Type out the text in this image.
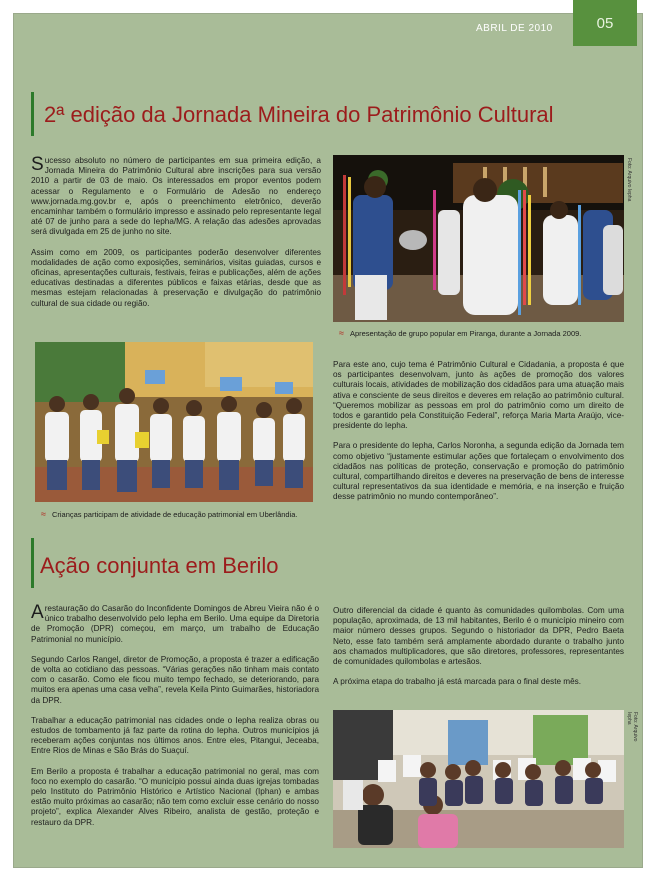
ABRIL DE 2010	05
2ª edição da Jornada Mineira do Patrimônio Cultural

Sucesso absoluto no número de participantes em sua primeira edição, a Jornada Mineira do Patrimônio Cultural abre inscrições para sua versão 2010 a partir de 03 de maio. Os interessados em propor eventos podem acessar o Regulamento e o Formulário de Adesão no endereço www.jornada.mg.gov.br e, após o preenchimento eletrônico, deverão encaminhar também o formulário impresso e assinado pelo representante legal até 07 de junho para a sede do Iepha/MG. A relação das adesões aprovadas será divulgada em 25 de junho no site.

Assim como em 2009, os participantes poderão desenvolver diferentes modalidades de ação como exposições, seminários, visitas guiadas, cursos e oficinas, apresentações culturais, festivais, feiras e publicações, além de ações educativas destinadas a diferentes públicos e faixas etárias, desde que as mesmas estejam relacionadas à preservação e divulgação do patrimônio cultural de sua cidade ou região.

Foto: Arquivo Iepha
≈ Apresentação de grupo popular em Piranga, durante a Jornada 2009.
≈ Crianças participam de atividade de educação patrimonial em Uberlândia.

Para este ano, cujo tema é Patrimônio Cultural e Cidadania, a proposta é que os participantes desenvolvam, junto às ações de promoção dos valores culturais locais, atividades de mobilização dos cidadãos para uma atuação mais ativa e consciente de seus direitos e deveres em relação ao patrimônio cultural. “Queremos mobilizar as pessoas em prol do patrimônio como um direito de todos e garantido pela Constituição Federal”, reforça Maria Marta Araújo, vice-presidente do Iepha.

Para o presidente do Iepha, Carlos Noronha, a segunda edição da Jornada tem como objetivo “justamente estimular ações que fortaleçam o envolvimento dos cidadãos nas políticas de proteção, conservação e promoção do patrimônio cultural, compartilhando direitos e deveres na preservação de bens de interesse cultural representativos da sua identidade e memória, e na inserção e fruição desse patrimônio no mundo contemporâneo”.

Ação conjunta em Berilo

A restauração do Casarão do Inconfidente Domingos de Abreu Vieira não é o único trabalho desenvolvido pelo Iepha em Berilo. Uma equipe da Diretoria de Promoção (DPR) começou, em março, um trabalho de Educação Patrimonial no município.

Segundo Carlos Rangel, diretor de Promoção, a proposta é trazer a edificação de volta ao cotidiano das pessoas. “Várias gerações não tinham mais contato com o casarão. Como ele ficou muito tempo fechado, se deteriorando, para muitos era apenas uma casa velha”, revela Keila Pinto Guimarães, historiadora da DPR.

Trabalhar a educação patrimonial nas cidades onde o Iepha realiza obras ou estudos de tombamento já faz parte da rotina do Iepha. Outros municípios já receberam ações conjuntas nos últimos anos. Entre eles, Pitangui, Jeceaba, Entre Rios de Minas e São Brás do Suaçuí.

Em Berilo a proposta é trabalhar a educação patrimonial no geral, mas com foco no exemplo do casarão. “O município possui ainda duas igrejas tombadas pelo Instituto do Patrimônio Histórico e Artístico Nacional (Iphan) e ambas estão muito próximas ao casarão; não tem como excluir esse cenário do nosso projeto”, explica Alexander Alves Ribeiro, analista de gestão, proteção e restauro da DPR.

Outro diferencial da cidade é quanto às comunidades quilombolas. Com uma população, aproximada, de 13 mil habitantes, Berilo é o município mineiro com maior número desses grupos. Segundo o historiador da DPR, Pedro Baeta Neto, esse fato também será amplamente abordado durante o trabalho junto aos chamados multiplicadores, que são diretores, professores, representantes de comunidades quilombolas e artesãos.

A próxima etapa do trabalho já está marcada para o final deste mês.

Foto: Arquivo Iepha
